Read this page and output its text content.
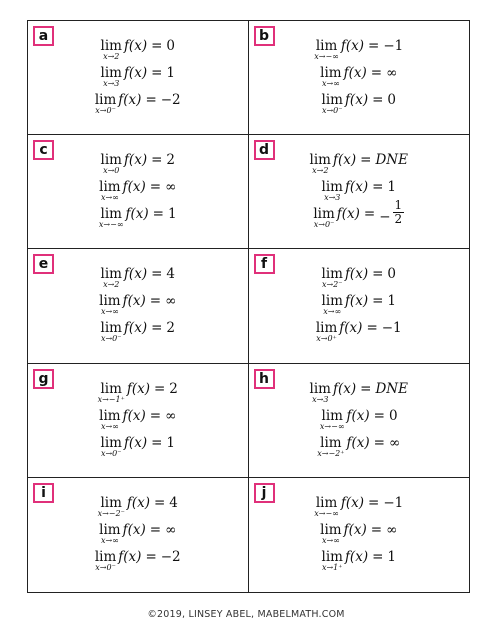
a
lim
x→2
f(x) = 0
lim
x→3
f(x) = 1
lim
x→0⁻
f(x) = −2
b
lim
x→−∞
f(x) = −1
lim
x→∞
f(x) = ∞
lim
x→0⁻
f(x) = 0
c
lim
x→0
f(x) = 2
lim
x→∞
f(x) = ∞
lim
x→−∞
f(x) = 1
d
lim
x→2
f(x) = DNE
lim
x→3
f(x) = 1
lim
x→0⁻
f(x) = − $\frac{1}{2}$
e
lim
x→2
f(x) = 4
lim
x→∞
f(x) = ∞
lim
x→0⁻
f(x) = 2
f
lim
x→2⁻
f(x) = 0
lim
x→∞
f(x) = 1
lim
x→0⁺
f(x) = −1
g
lim
x→−1⁺
f(x) = 2
lim
x→∞
f(x) = ∞
lim
x→0⁻
f(x) = 1
h
lim
x→3
f(x) = DNE
lim
x→−∞
f(x) = 0
lim
x→−2⁺
f(x) = ∞
i
lim
x→−2⁻
f(x) = 4
lim
x→∞
f(x) = ∞
lim
x→0⁻
f(x) = −2
j
lim
x→−∞
f(x) = −1
lim
x→∞
f(x) = ∞
lim
x→1⁺
f(x) = 1
©2019, LINSEY ABEL, MABELMATH.COM
